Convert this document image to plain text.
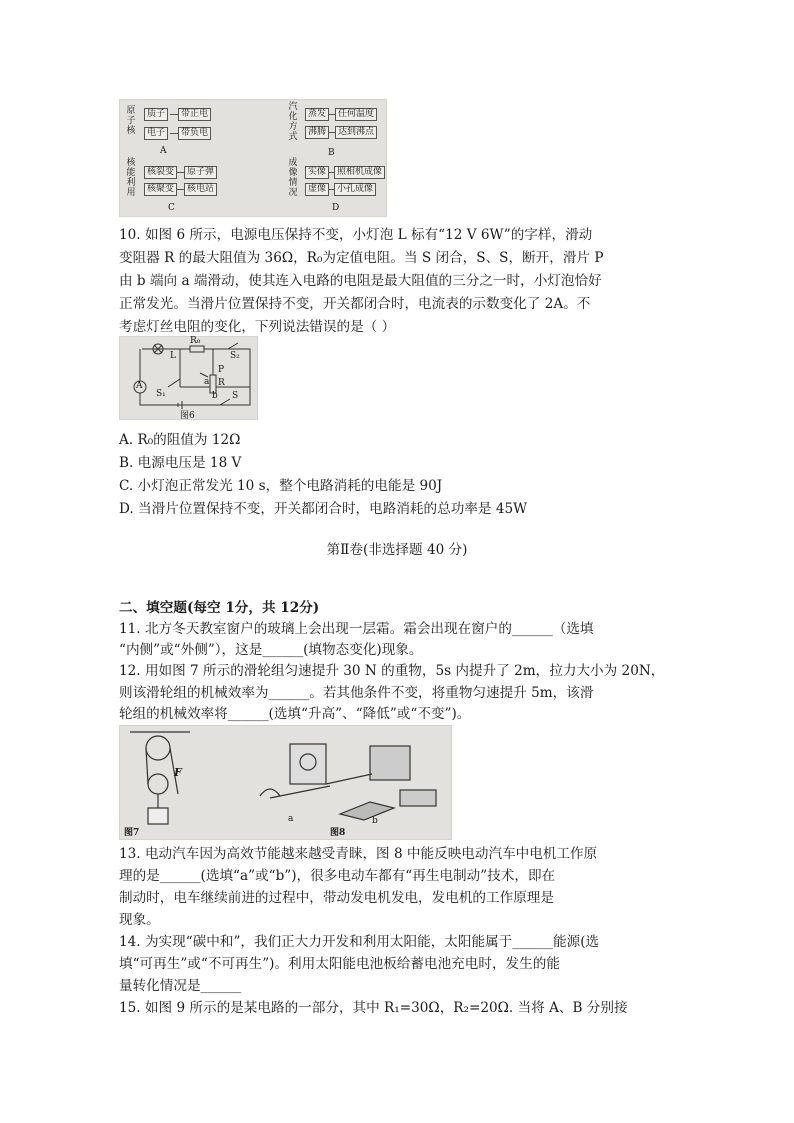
原子核
质子	带正电
电子	带负电
A
汽化方式
蒸发	任何温度
沸腾	达到沸点
B
核能利用
核裂变	原子弹
核聚变	核电站
C
成像情况
实像	照相机成像
虚像	小孔成像
D
10. 如图 6 所示，电源电压保持不变，小灯泡 L 标有“12 V 6W”的字样，滑动
变阻器 R 的最大阻值为 36Ω，R₀为定值电阻。当 S 闭合，S、S，断开，滑片 P
由 b 端向 a 端滑动，使其连入电路的电阻是最大阻值的三分之一时，小灯泡恰好
正常发光。当滑片位置保持不变，开关都闭合时，电流表的示数变化了 2A。不
考虑灯丝电阻的变化，下列说法错误的是（ ）
L
R₀
S₂
P
a R
b
S₁	S
A
图6
A. R₀的阻值为 12Ω
B. 电源电压是 18 V
C. 小灯泡正常发光 10 s，整个电路消耗的电能是 90J
D. 当滑片位置保持不变，开关都闭合时，电路消耗的总功率是 45W
第Ⅱ卷(非选择题 40 分)
二、填空题(每空 1分，共 12分)
11. 北方冬天教室窗户的玻璃上会出现一层霜。霜会出现在窗户的______（选填
“内侧”或“外侧”），这是______(填物态变化)现象。
12. 用如图 7 所示的滑轮组匀速提升 30 N 的重物，5s 内提升了 2m，拉力大小为 20N，
则该滑轮组的机械效率为______。若其他条件不变，将重物匀速提升 5m，该滑
轮组的机械效率将______(选填“升高”、“降低”或“不变”)。
F
图7
a
图8
b
13. 电动汽车因为高效节能越来越受青睐，图 8 中能反映电动汽车中电机工作原
理的是______(选填“a”或“b”)，很多电动车都有“再生电制动”技术，即在
制动时，电车继续前进的过程中，带动发电机发电，发电机的工作原理是
现象。
14. 为实现“碳中和”，我们正大力开发和利用太阳能，太阳能属于______能源(选
填“可再生”或“不可再生”)。利用太阳能电池板给蓄电池充电时，发生的能
量转化情况是______
15. 如图 9 所示的是某电路的一部分，其中 R₁=30Ω，R₂=20Ω. 当将 A、B 分别接
